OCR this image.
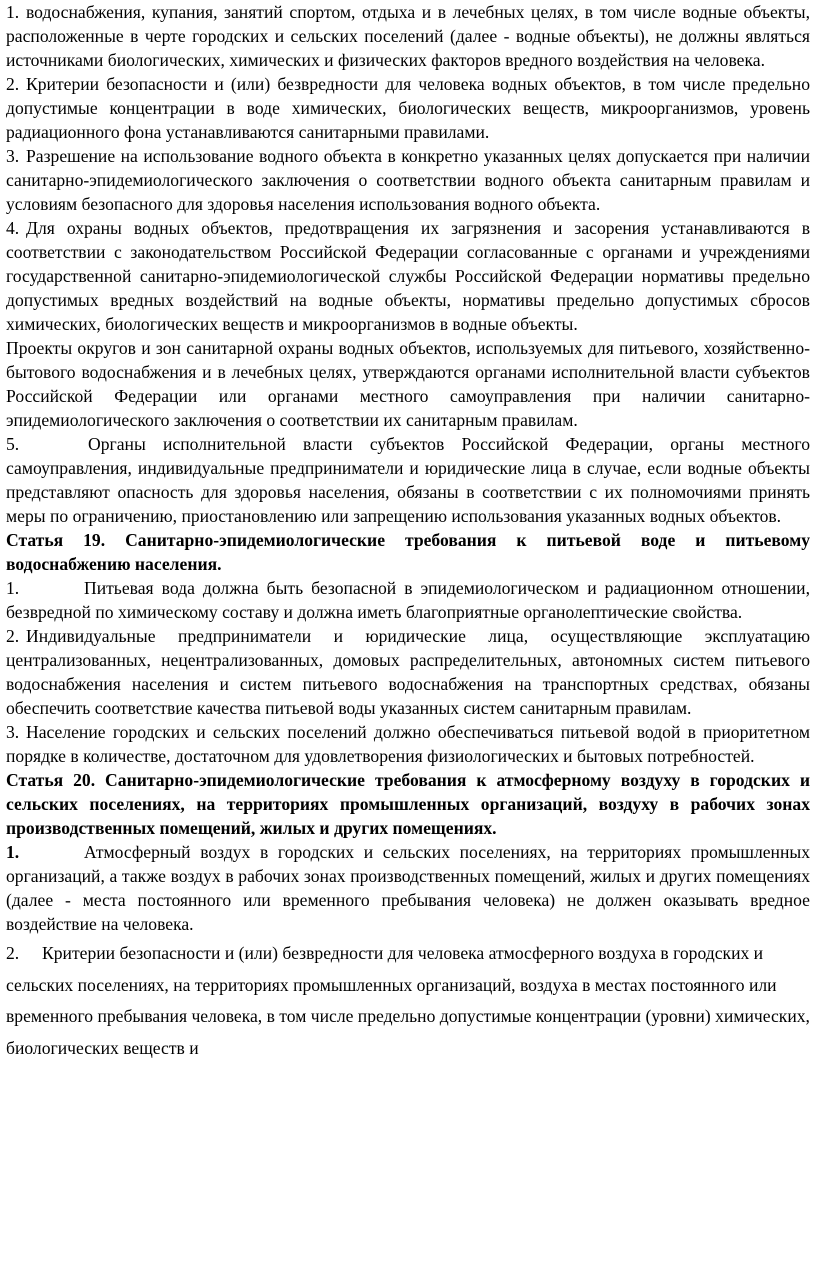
1. водоснабжения, купания, занятий спортом, отдыха и в лечебных целях, в том числе водные объекты, расположенные в черте городских и сельских поселений (далее - водные объекты), не должны являться источниками биологических, химических и физических факторов вредного воздействия на человека.

2. Критерии безопасности и (или) безвредности для человека водных объектов, в том числе предельно допустимые концентрации в воде химических, биологических веществ, микроорганизмов, уровень радиационного фона устанавливаются санитарными правилами.

3. Разрешение на использование водного объекта в конкретно указанных целях допускается при наличии санитарно-эпидемиологического заключения о соответствии водного объекта санитарным правилам и условиям безопасного для здоровья населения использования водного объекта.

4. Для охраны водных объектов, предотвращения их загрязнения и засорения устанавливаются в соответствии с законодательством Российской Федерации согласованные с органами и учреждениями государственной санитарно-эпидемиологической службы Российской Федерации нормативы предельно допустимых вредных воздействий на водные объекты, нормативы предельно допустимых сбросов химических, биологических веществ и микроорганизмов в водные объекты.

Проекты округов и зон санитарной охраны водных объектов, используемых для питьевого, хозяйственно-бытового водоснабжения и в лечебных целях, утверждаются органами исполнительной власти субъектов Российской Федерации или органами местного самоуправления при наличии санитарно-эпидемиологического заключения о соответствии их санитарным правилам.

5.	Органы исполнительной власти субъектов Российской Федерации, органы местного самоуправления, индивидуальные предприниматели и юридические лица в случае, если водные объекты представляют опасность для здоровья населения, обязаны в соответствии с их полномочиями принять меры по ограничению, приостановлению или запрещению использования указанных водных объектов.

Статья 19. Санитарно-эпидемиологические требования к питьевой воде и питьевому водоснабжению населения.

1.	Питьевая вода должна быть безопасной в эпидемиологическом и радиационном отношении, безвредной по химическому составу и должна иметь благоприятные органолептические свойства.

2. Индивидуальные предприниматели и юридические лица, осуществляющие эксплуатацию централизованных, нецентрализованных, домовых распределительных, автономных систем питьевого водоснабжения населения и систем питьевого водоснабжения на транспортных средствах, обязаны обеспечить соответствие качества питьевой воды указанных систем санитарным правилам.

3. Население городских и сельских поселений должно обеспечиваться питьевой водой в приоритетном порядке в количестве, достаточном для удовлетворения физиологических и бытовых потребностей.

Статья 20. Санитарно-эпидемиологические требования к атмосферному воздуху в городских и сельских поселениях, на территориях промышленных организаций, воздуху в рабочих зонах производственных помещений, жилых и других помещениях.

1.	Атмосферный воздух в городских и сельских поселениях, на территориях промышленных организаций, а также воздух в рабочих зонах производственных помещений, жилых и других помещениях (далее - места постоянного или временного пребывания человека) не должен оказывать вредное воздействие на человека.

2. Критерии безопасности и (или) безвредности для человека атмосферного воздуха в городских и сельских поселениях, на территориях промышленных организаций, воздуха в местах постоянного или временного пребывания человека, в том числе предельно допустимые концентрации (уровни) химических, биологических веществ и
